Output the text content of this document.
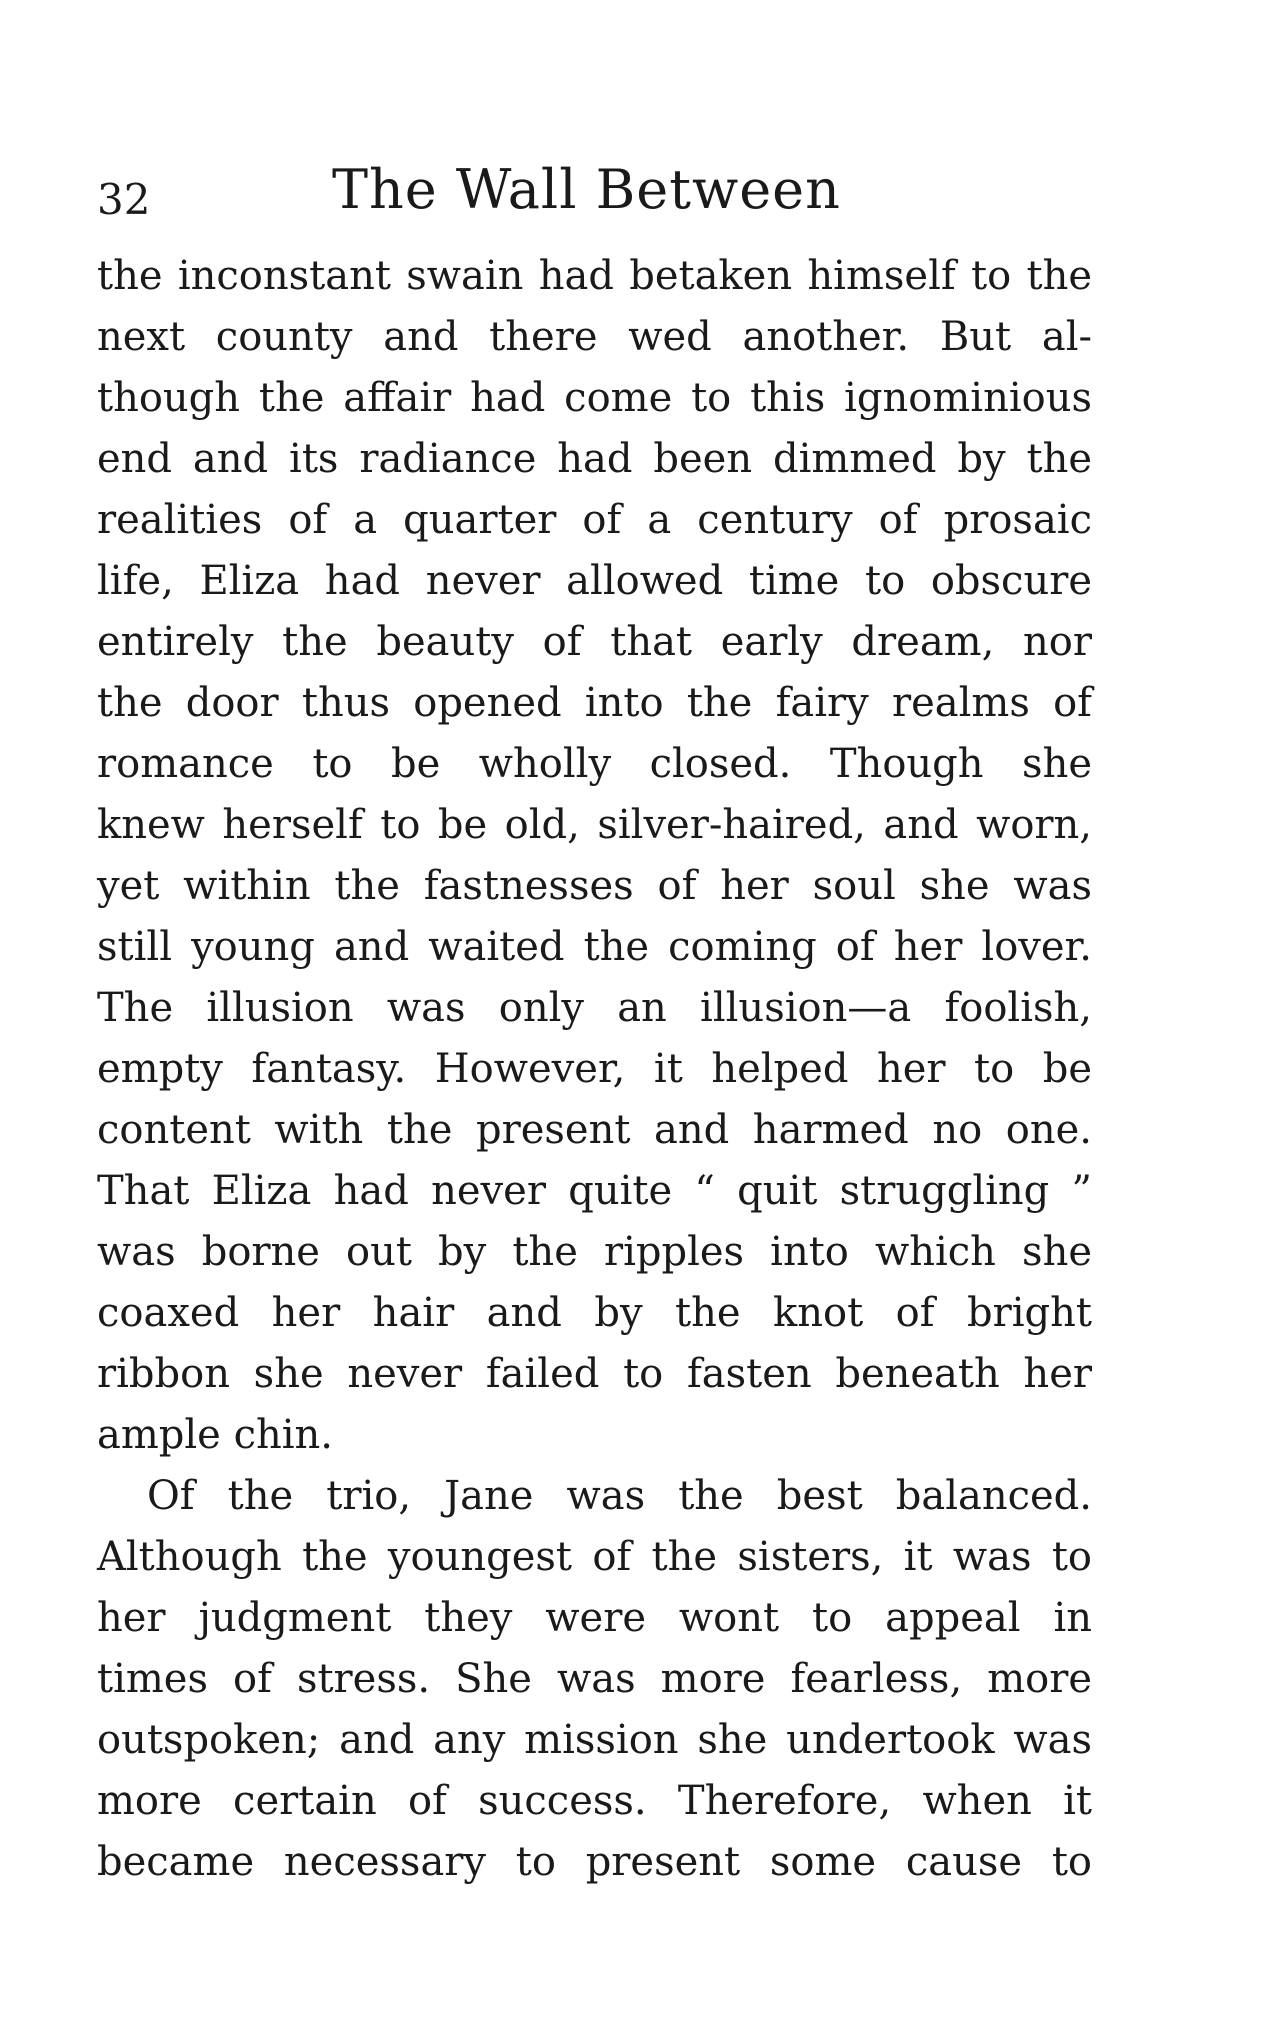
32	The Wall Between
the inconstant swain had betaken himself to the
next county and there wed another. But al-
though the affair had come to this ignominious
end and its radiance had been dimmed by the
realities of a quarter of a century of prosaic
life, Eliza had never allowed time to obscure
entirely the beauty of that early dream, nor
the door thus opened into the fairy realms of
romance to be wholly closed. Though she
knew herself to be old, silver-haired, and worn,
yet within the fastnesses of her soul she was
still young and waited the coming of her lover.
The illusion was only an illusion—a foolish,
empty fantasy. However, it helped her to be
content with the present and harmed no one.
That Eliza had never quite “ quit struggling ”
was borne out by the ripples into which she
coaxed her hair and by the knot of bright
ribbon she never failed to fasten beneath her
ample chin.
Of the trio, Jane was the best balanced.
Although the youngest of the sisters, it was to
her judgment they were wont to appeal in
times of stress. She was more fearless, more
outspoken; and any mission she undertook was
more certain of success. Therefore, when it
became necessary to present some cause to
